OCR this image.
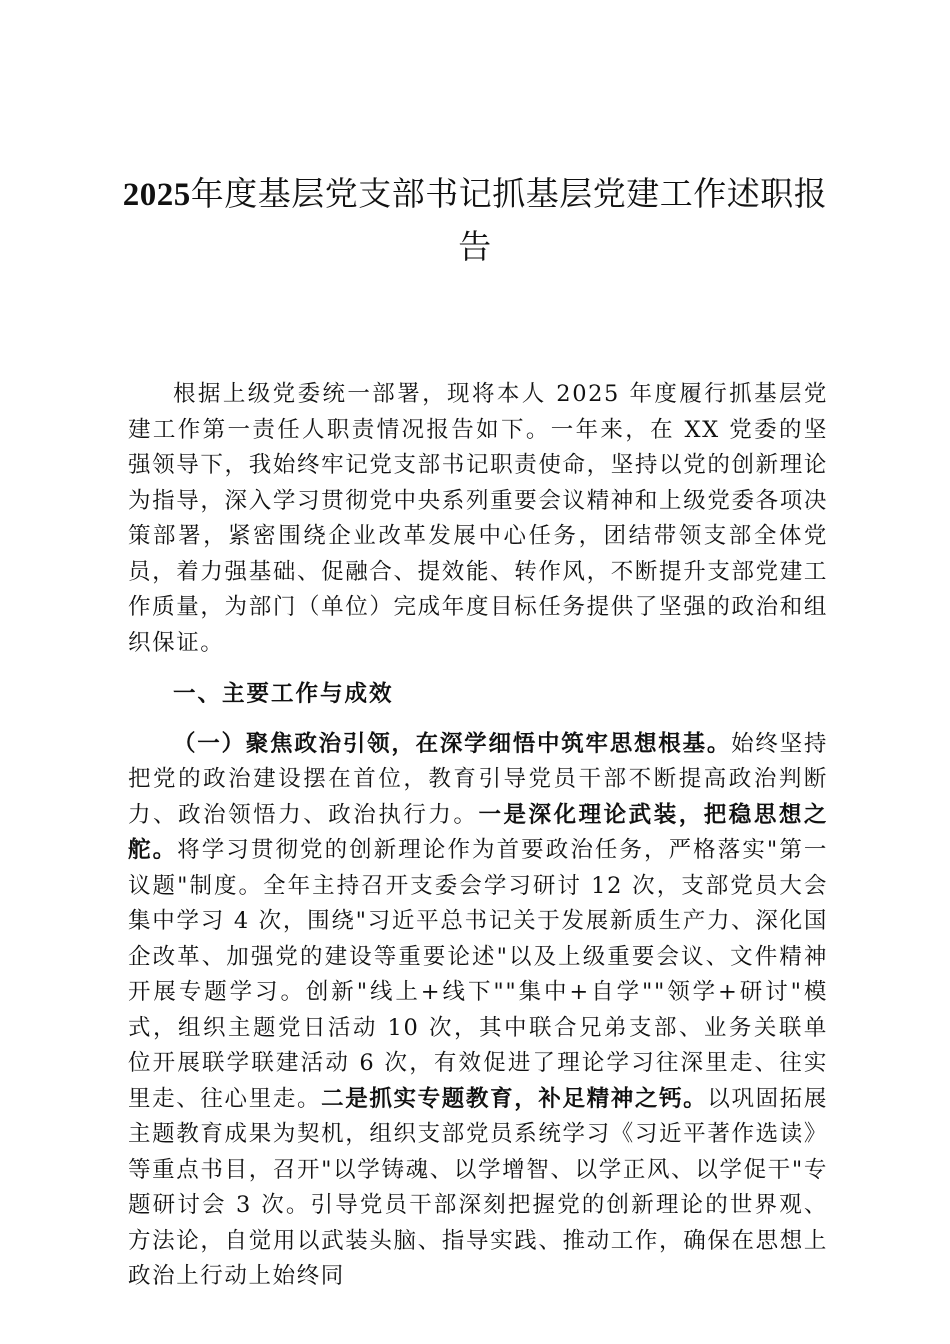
2025年度基层党支部书记抓基层党建工作述职报告

根据上级党委统一部署，现将本人 2025 年度履行抓基层党建工作第一责任人职责情况报告如下。一年来，在 XX 党委的坚强领导下，我始终牢记党支部书记职责使命，坚持以党的创新理论为指导，深入学习贯彻党中央系列重要会议精神和上级党委各项决策部署，紧密围绕企业改革发展中心任务，团结带领支部全体党员，着力强基础、促融合、提效能、转作风，不断提升支部党建工作质量，为部门（单位）完成年度目标任务提供了坚强的政治和组织保证。

一、主要工作与成效

（一）聚焦政治引领，在深学细悟中筑牢思想根基。始终坚持把党的政治建设摆在首位，教育引导党员干部不断提高政治判断力、政治领悟力、政治执行力。一是深化理论武装，把稳思想之舵。将学习贯彻党的创新理论作为首要政治任务，严格落实"第一议题"制度。全年主持召开支委会学习研讨 12 次，支部党员大会集中学习 4 次，围绕"习近平总书记关于发展新质生产力、深化国企改革、加强党的建设等重要论述"以及上级重要会议、文件精神开展专题学习。创新"线上+线下""集中+自学""领学+研讨"模式，组织主题党日活动 10 次，其中联合兄弟支部、业务关联单位开展联学联建活动 6 次，有效促进了理论学习往深里走、往实里走、往心里走。二是抓实专题教育，补足精神之钙。以巩固拓展主题教育成果为契机，组织支部党员系统学习《习近平著作选读》等重点书目，召开"以学铸魂、以学增智、以学正风、以学促干"专题研讨会 3 次。引导党员干部深刻把握党的创新理论的世界观、方法论，自觉用以武装头脑、指导实践、推动工作，确保在思想上政治上行动上始终同
